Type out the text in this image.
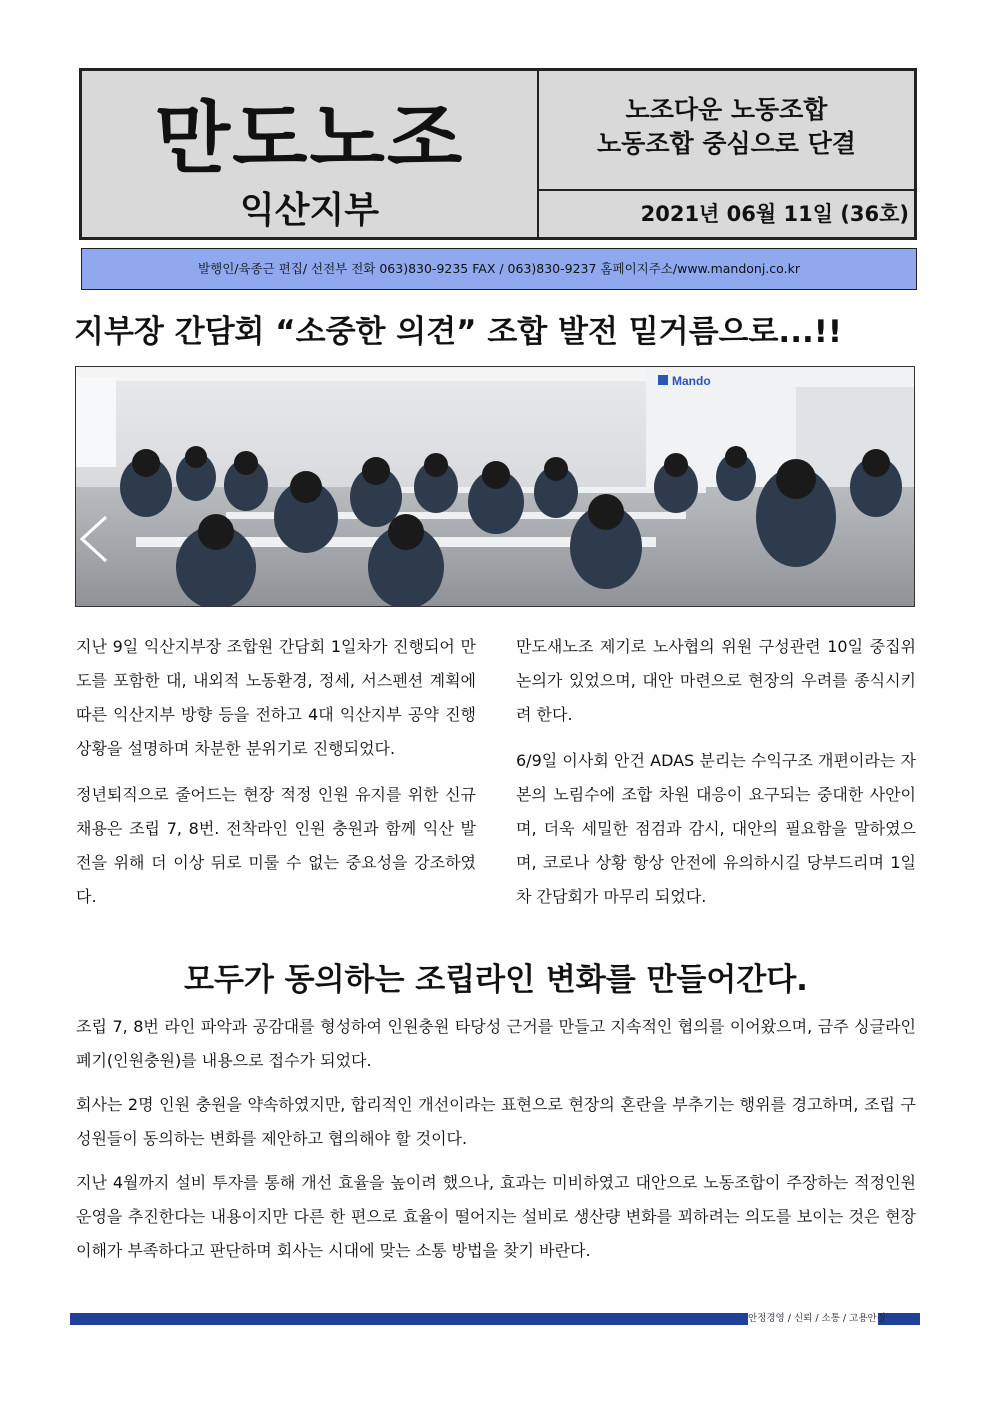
만도노조
익산지부
노조다운 노동조합
노동조합 중심으로 단결
2021년 06월 11일 (36호)
발행인/육종근 편집/ 선전부 전화 063)830-9235 FAX / 063)830-9237 홈페이지주소/www.mandonj.co.kr
지부장 간담회 “소중한 의견” 조합 발전 밑거름으로...!!
Mando

지난 9일 익산지부장 조합원 간담회 1일차가 진행되어 만도를 포함한 대, 내외적 노동환경, 정세, 서스펜션 계획에 따른 익산지부 방향 등을 전하고 4대 익산지부 공약 진행 상황을 설명하며 차분한 분위기로 진행되었다.

정년퇴직으로 줄어드는 현장 적정 인원 유지를 위한 신규채용은 조립 7, 8번. 전착라인 인원 충원과 함께 익산 발전을 위해 더 이상 뒤로 미룰 수 없는 중요성을 강조하였다.

만도새노조 제기로 노사협의 위원 구성관련 10일 중집위 논의가 있었으며, 대안 마련으로 현장의 우려를 종식시키려 한다.

6/9일 이사회 안건 ADAS 분리는 수익구조 개편이라는 자본의 노림수에 조합 차원 대응이 요구되는 중대한 사안이며, 더욱 세밀한 점검과 감시, 대안의 필요함을 말하였으며, 코로나 상황 항상 안전에 유의하시길 당부드리며 1일차 간담회가 마무리 되었다.

모두가 동의하는 조립라인 변화를 만들어간다.

조립 7, 8번 라인 파악과 공감대를 형성하여 인원충원 타당성 근거를 만들고 지속적인 협의를 이어왔으며, 금주 싱글라인 폐기(인원충원)를 내용으로 접수가 되었다.

회사는 2명 인원 충원을 약속하였지만, 합리적인 개선이라는 표현으로 현장의 혼란을 부추기는 행위를 경고하며, 조립 구성원들이 동의하는 변화를 제안하고 협의해야 할 것이다.

지난 4월까지 설비 투자를 통해 개선 효율을 높이려 했으나, 효과는 미비하였고 대안으로 노동조합이 주장하는 적정인원 운영을 추진한다는 내용이지만 다른 한 편으로 효율이 떨어지는 설비로 생산량 변화를 꾀하려는 의도를 보이는 것은 현장 이해가 부족하다고 판단하며 회사는 시대에 맞는 소통 방법을 찾기 바란다.

안정경영 / 신뢰 / 소통 / 고용안정
